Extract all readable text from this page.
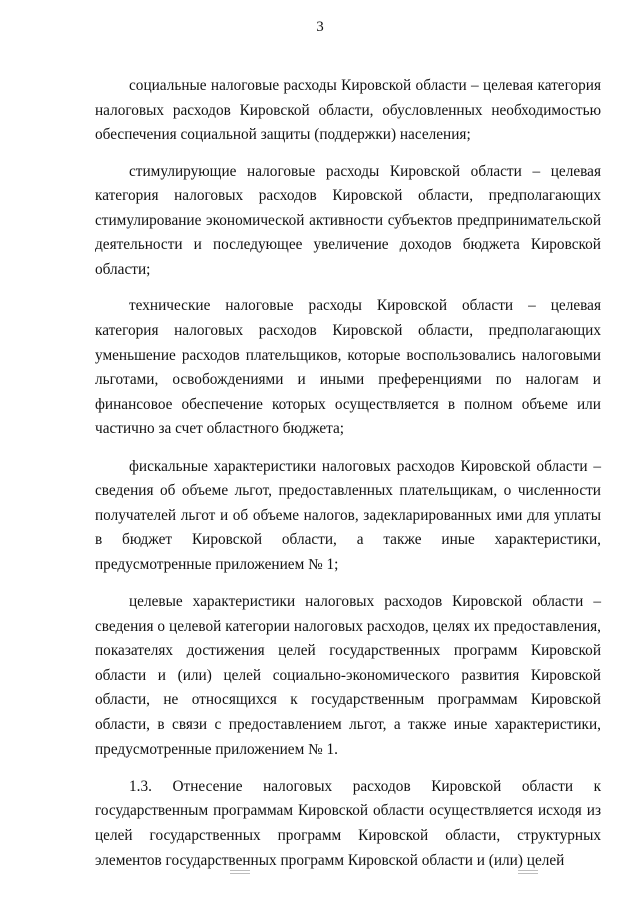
3

социальные налоговые расходы Кировской области – целевая категория налоговых расходов Кировской области, обусловленных необходимостью обеспечения социальной защиты (поддержки) населения;

стимулирующие налоговые расходы Кировской области – целевая категория налоговых расходов Кировской области, предполагающих стимулирование экономической активности субъектов предпринимательской деятельности и последующее увеличение доходов бюджета Кировской области;

технические налоговые расходы Кировской области – целевая категория налоговых расходов Кировской области, предполагающих уменьшение расходов плательщиков, которые воспользовались налоговыми льготами, освобождениями и иными преференциями по налогам и финансовое обеспечение которых осуществляется в полном объеме или частично за счет областного бюджета;

фискальные характеристики налоговых расходов Кировской области – сведения об объеме льгот, предоставленных плательщикам, о численности получателей льгот и об объеме налогов, задекларированных ими для уплаты в бюджет Кировской области, а также иные характеристики, предусмотренные приложением № 1;

целевые характеристики налоговых расходов Кировской области – сведения о целевой категории налоговых расходов, целях их предоставления, показателях достижения целей государственных программ Кировской области и (или) целей социально-экономического развития Кировской области, не относящихся к государственным программам Кировской области, в связи с предоставлением льгот, а также иные характеристики, предусмотренные приложением № 1.

1.3. Отнесение налоговых расходов Кировской области к государственным программам Кировской области осуществляется исходя из целей государственных программ Кировской области, структурных элементов государственных программ Кировской области и (или) целей
